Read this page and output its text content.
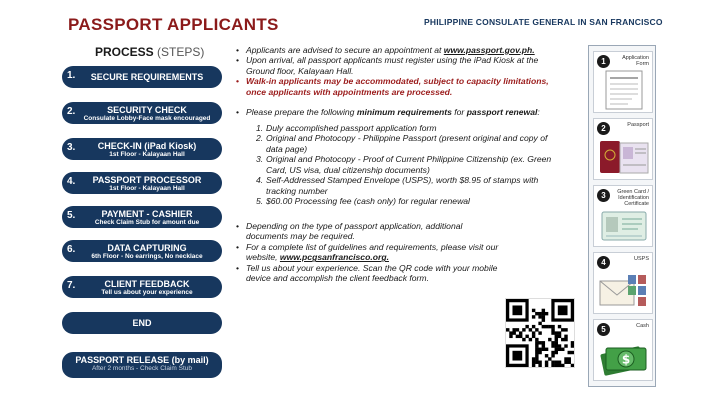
PASSPORT APPLICANTS	PHILIPPINE CONSULATE GENERAL IN SAN FRANCISCO
PROCESS (STEPS)
1.	SECURE REQUIREMENTS
2.	SECURITY CHECK
Consulate Lobby-Face mask encouraged
3.	CHECK-IN (iPad Kiosk)
1st Floor - Kalayaan Hall
4.	PASSPORT PROCESSOR
1st Floor - Kalayaan Hall
5.	PAYMENT - CASHIER
Check Claim Stub for amount due
6.	DATA CAPTURING
6th Floor - No earrings, No necklace
7.	CLIENT FEEDBACK
Tell us about your experience
END
PASSPORT RELEASE (by mail)
After 2 months - Check Claim Stub
• Applicants are advised to secure an appointment at www.passport.gov.ph.
• Upon arrival, all passport applicants must register using the iPad Kiosk at the Ground floor, Kalayaan Hall.
• Walk-in applicants may be accommodated, subject to capacity limitations, once applicants with appointments are processed.
• Please prepare the following minimum requirements for passport renewal:
1. Duly accomplished passport application form
2. Original and Photocopy - Philippine Passport (present original and copy of data page)
3. Original and Photocopy - Proof of Current Philippine Citizenship (ex. Green Card, US visa, dual citizenship documents)
4. Self-Addressed Stamped Envelope (USPS), worth $8.95 of stamps with tracking number
5. $60.00 Processing fee (cash only) for regular renewal
• Depending on the type of passport application, additional documents may be required.
• For a complete list of guidelines and requirements, please visit our website, www.pcgsanfrancisco.org.
• Tell us about your experience. Scan the QR code with your mobile device and accomplish the client feedback form.
1	Application Form
2	Passport
3	Green Card / Identification Certificate
4	USPS
5	Cash
$
